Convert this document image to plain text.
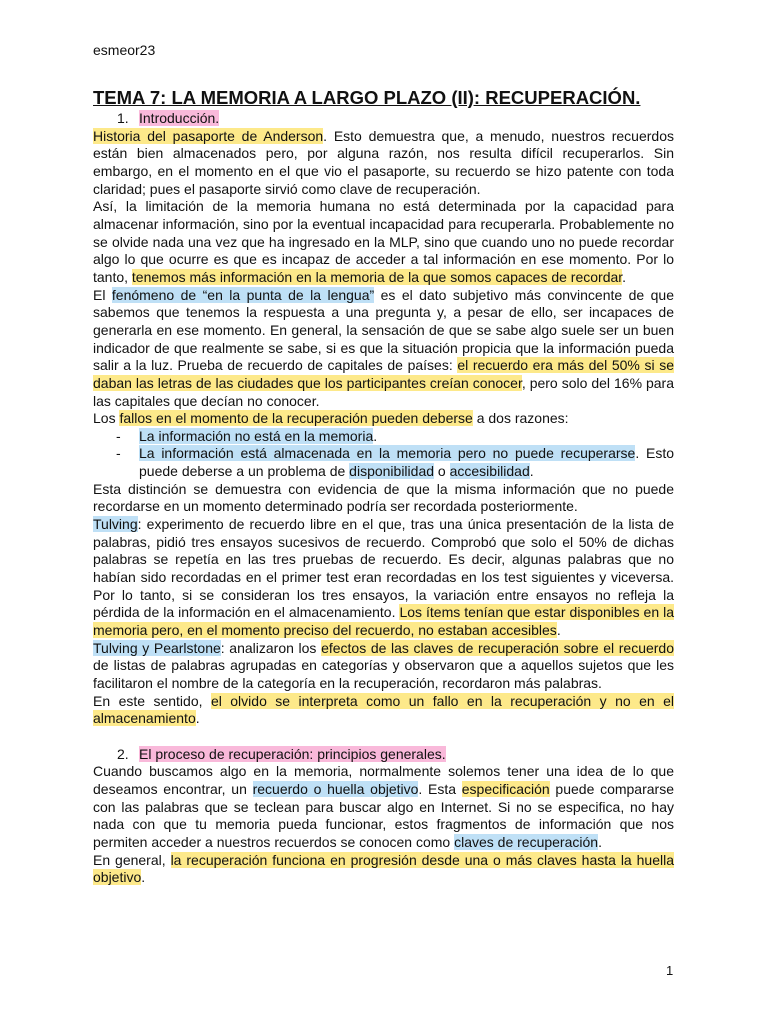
esmeor23
TEMA 7: LA MEMORIA A LARGO PLAZO (II): RECUPERACIÓN.

1. Introducción.

Historia del pasaporte de Anderson. Esto demuestra que, a menudo, nuestros recuerdos están bien almacenados pero, por alguna razón, nos resulta difícil recuperarlos. Sin embargo, en el momento en el que vio el pasaporte, su recuerdo se hizo patente con toda claridad; pues el pasaporte sirvió como clave de recuperación.

Así, la limitación de la memoria humana no está determinada por la capacidad para almacenar información, sino por la eventual incapacidad para recuperarla. Probablemente no se olvide nada una vez que ha ingresado en la MLP, sino que cuando uno no puede recordar algo lo que ocurre es que es incapaz de acceder a tal información en ese momento. Por lo tanto, tenemos más información en la memoria de la que somos capaces de recordar.

El fenómeno de “en la punta de la lengua” es el dato subjetivo más convincente de que sabemos que tenemos la respuesta a una pregunta y, a pesar de ello, ser incapaces de generarla en ese momento. En general, la sensación de que se sabe algo suele ser un buen indicador de que realmente se sabe, si es que la situación propicia que la información pueda salir a la luz. Prueba de recuerdo de capitales de países: el recuerdo era más del 50% si se daban las letras de las ciudades que los participantes creían conocer, pero solo del 16% para las capitales que decían no conocer.

Los fallos en el momento de la recuperación pueden deberse a dos razones:

- La información no está en la memoria.

- La información está almacenada en la memoria pero no puede recuperarse. Esto puede deberse a un problema de disponibilidad o accesibilidad.

Esta distinción se demuestra con evidencia de que la misma información que no puede recordarse en un momento determinado podría ser recordada posteriormente.

Tulving: experimento de recuerdo libre en el que, tras una única presentación de la lista de palabras, pidió tres ensayos sucesivos de recuerdo. Comprobó que solo el 50% de dichas palabras se repetía en las tres pruebas de recuerdo. Es decir, algunas palabras que no habían sido recordadas en el primer test eran recordadas en los test siguientes y viceversa. Por lo tanto, si se consideran los tres ensayos, la variación entre ensayos no refleja la pérdida de la información en el almacenamiento. Los ítems tenían que estar disponibles en la memoria pero, en el momento preciso del recuerdo, no estaban accesibles.

Tulving y Pearlstone: analizaron los efectos de las claves de recuperación sobre el recuerdo de listas de palabras agrupadas en categorías y observaron que a aquellos sujetos que les facilitaron el nombre de la categoría en la recuperación, recordaron más palabras.

En este sentido, el olvido se interpreta como un fallo en la recuperación y no en el almacenamiento.

2. El proceso de recuperación: principios generales.

Cuando buscamos algo en la memoria, normalmente solemos tener una idea de lo que deseamos encontrar, un recuerdo o huella objetivo. Esta especificación puede compararse con las palabras que se teclean para buscar algo en Internet. Si no se especifica, no hay nada con que tu memoria pueda funcionar, estos fragmentos de información que nos permiten acceder a nuestros recuerdos se conocen como claves de recuperación.

En general, la recuperación funciona en progresión desde una o más claves hasta la huella objetivo.

1
